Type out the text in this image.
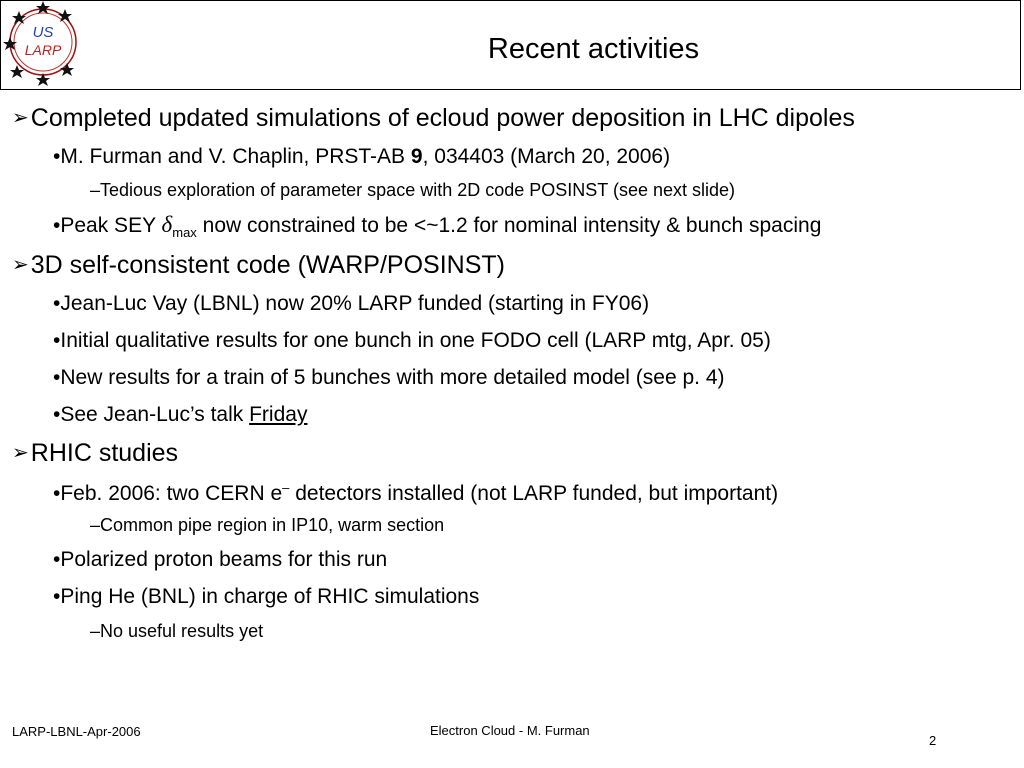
US
LARP	Recent activities
➢Completed updated simulations of ecloud power deposition in LHC dipoles
•M. Furman and V. Chaplin, PRST-AB 9, 034403 (March 20, 2006)
–Tedious exploration of parameter space with 2D code POSINST (see next slide)
•Peak SEY $\delta_{max}$ now constrained to be <~1.2 for nominal intensity & bunch spacing
➢3D self-consistent code (WARP/POSINST)
•Jean-Luc Vay (LBNL) now 20% LARP funded (starting in FY06)
•Initial qualitative results for one bunch in one FODO cell (LARP mtg, Apr. 05)
•New results for a train of 5 bunches with more detailed model (see p. 4)
•See Jean-Luc’s talk Friday
➢RHIC studies
•Feb. 2006: two CERN e– detectors installed (not LARP funded, but important)
–Common pipe region in IP10, warm section
•Polarized proton beams for this run
•Ping He (BNL) in charge of RHIC simulations
–No useful results yet
LARP-LBNL-Apr-2006	Electron Cloud - M. Furman
2
